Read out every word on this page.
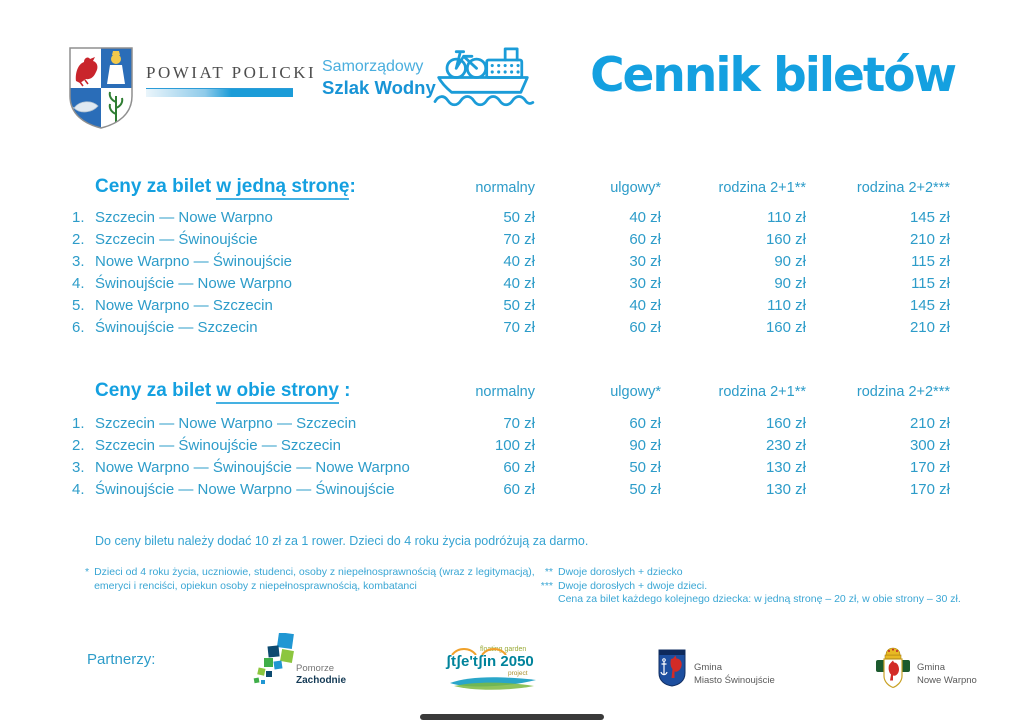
POWIAT POLICKI Samorządowy
Szlak Wodny	Cennik biletów
Ceny za bilet w jedną stronę:	normalny	ulgowy*	rodzina 2+1**	rodzina 2+2***
1. Szczecin — Nowe Warpno	50 zł	40 zł	110 zł	145 zł
2. Szczecin — Świnoujście	70 zł	60 zł	160 zł	210 zł
3. Nowe Warpno — Świnoujście	40 zł	30 zł	90 zł	115 zł
4. Świnoujście — Nowe Warpno	40 zł	30 zł	90 zł	115 zł
5. Nowe Warpno — Szczecin	50 zł	40 zł	110 zł	145 zł
6. Świnoujście — Szczecin	70 zł	60 zł	160 zł	210 zł
Ceny za bilet w obie strony :	normalny	ulgowy*	rodzina 2+1**	rodzina 2+2***
1. Szczecin — Nowe Warpno — Szczecin	70 zł	60 zł	160 zł	210 zł
2. Szczecin — Świnoujście — Szczecin	100 zł	90 zł	230 zł	300 zł
3. Nowe Warpno — Świnoujście — Nowe Warpno	60 zł	50 zł	130 zł	170 zł
4. Świnoujście — Nowe Warpno — Świnoujście	60 zł	50 zł	130 zł	170 zł
Do ceny biletu należy dodać 10 zł za 1 rower. Dzieci do 4 roku życia podróżują za darmo.
* Dzieci od 4 roku życia, uczniowie, studenci, osoby z niepełnosprawnością (wraz z legitymacją),
emeryci i renciści, opiekun osoby z niepełnosprawnością, kombatanci
** Dwoje dorosłych + dziecko
*** Dwoje dorosłych + dwoje dzieci.
Cena za bilet każdego kolejnego dziecka: w jedną stronę – 20 zł, w obie strony – 30 zł.
Partnerzy:
Pomorze
Zachodnie
floating garden
ʃtʃe'tʃin 2050
project
Gmina
Miasto Świnoujście
Gmina
Nowe Warpno
